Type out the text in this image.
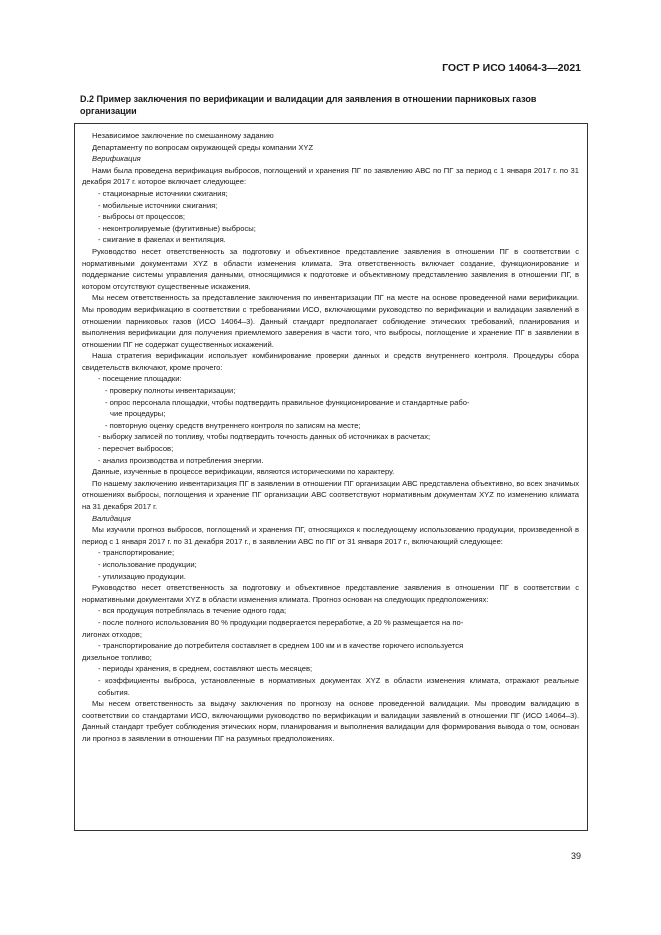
ГОСТ Р ИСО 14064-3—2021
D.2 Пример заключения по верификации и валидации для заявления в отношении парниковых газов организации

Независимое заключение по смешанному заданию

Департаменту по вопросам окружающей среды компании XYZ

Верификация

Нами была проведена верификация выбросов, поглощений и хранения ПГ по заявлению АВС по ПГ за период с 1 января 2017 г. по 31 декабря 2017 г. которое включает следующее:

- стационарные источники сжигания;

- мобильные источники сжигания;

- выбросы от процессов;

- неконтролируемые (фугитивные) выбросы;

- сжигание в факелах и вентиляция.

Руководство несет ответственность за подготовку и объективное представление заявления в отношении ПГ в соответствии с нормативными документами XYZ в области изменения климата. Эта ответственность включает создание, функционирование и поддержание системы управления данными, относящимися к подготовке и объективному представлению заявления в отношении ПГ, в котором отсутствуют существенные искажения.

Мы несем ответственность за представление заключения по инвентаризации ПГ на месте на основе проведенной нами верификации. Мы проводим верификацию в соответствии с требованиями ИСО, включающими руководство по верификации и валидации заявлений в отношении парниковых газов (ИСО 14064–3). Данный стандарт предполагает соблюдение этических требований, планирования и выполнения верификации для получения приемлемого заверения в части того, что выбросы, поглощение и хранение ПГ в заявлении в отношении ПГ не содержат существенных искажений.

Наша стратегия верификации использует комбинирование проверки данных и средств внутреннего контроля. Процедуры сбора свидетельств включают, кроме прочего:

- посещение площадки:

- проверку полноты инвентаризации;

- опрос персонала площадки, чтобы подтвердить правильное функционирование и стандартные рабо-

чие процедуры;

- повторную оценку средств внутреннего контроля по записям на месте;

- выборку записей по топливу, чтобы подтвердить точность данных об источниках в расчетах;

- пересчет выбросов;

- анализ производства и потребления энергии.

Данные, изученные в процессе верификации, являются историческими по характеру.

По нашему заключению инвентаризация ПГ в заявлении в отношении ПГ организации АВС представлена объективно, во всех значимых отношениях выбросы, поглощения и хранение ПГ организации АВС соответствуют нормативным документам XYZ по изменению климата на 31 декабря 2017 г.

Валидация

Мы изучили прогноз выбросов, поглощений и хранения ПГ, относящихся к последующему использованию продукции, произведенной в период с 1 января 2017 г. по 31 декабря 2017 г., в заявлении АВС по ПГ от 31 января 2017 г., включающий следующее:

- транспортирование;

- использование продукции;

- утилизацию продукции.

Руководство несет ответственность за подготовку и объективное представление заявления в отношении ПГ в соответствии с нормативными документами XYZ в области изменения климата. Прогноз основан на следующих предположениях:

- вся продукция потреблялась в течение одного года;

- после полного использования 80 % продукции подвергается переработке, а 20 % размещается на по-

лигонах отходов;

- транспортирование до потребителя составляет в среднем 100 км и в качестве горючего используется

дизельное топливо;

- периоды хранения, в среднем, составляют шесть месяцев;

- коэффициенты выброса, установленные в нормативных документах XYZ в области изменения климата, отражают реальные события.

Мы несем ответственность за выдачу заключения по прогнозу на основе проведенной валидации. Мы проводим валидацию в соответствии со стандартами ИСО, включающими руководство по верификации и валидации заявлений в отношении ПГ (ИСО 14064–3). Данный стандарт требует соблюдения этических норм, планирования и выполнения валидации для формирования вывода о том, основан ли прогноз в заявлении в отношении ПГ на разумных предположениях.

39
